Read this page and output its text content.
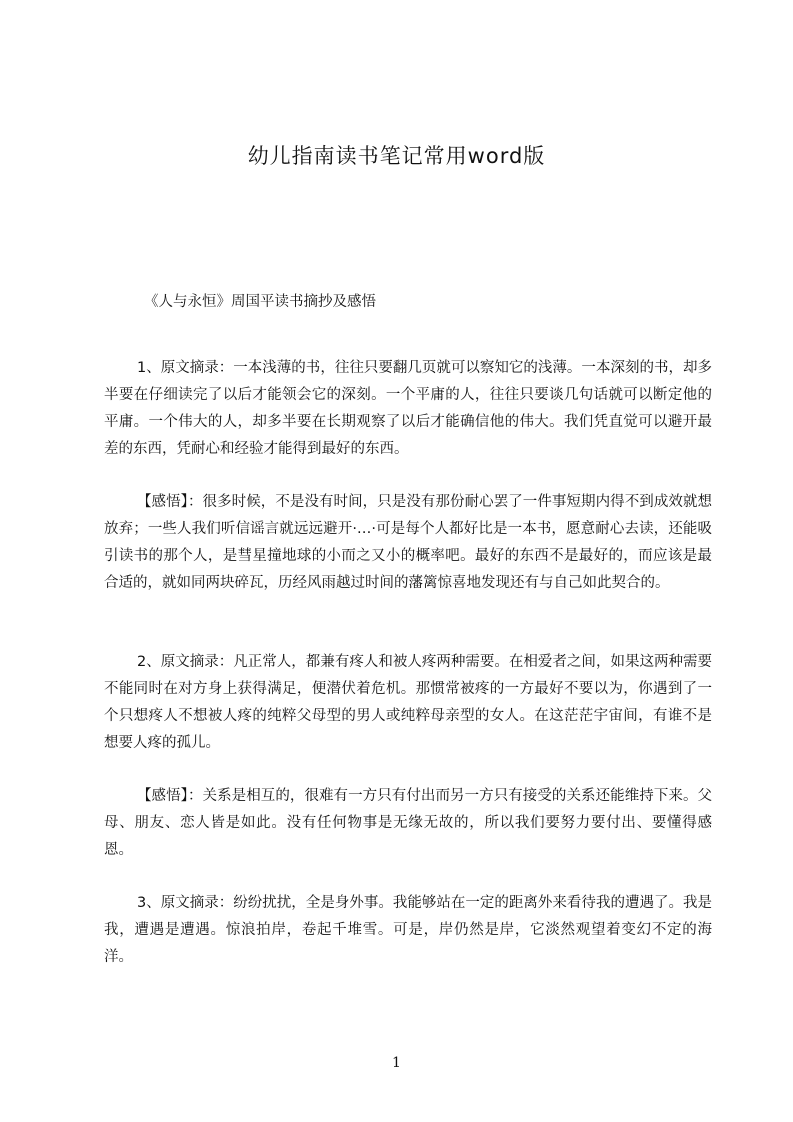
幼儿指南读书笔记常用word版
《人与永恒》周国平读书摘抄及感悟

1、原文摘录：一本浅薄的书，往往只要翻几页就可以察知它的浅薄。一本深刻的书，却多半要在仔细读完了以后才能领会它的深刻。一个平庸的人，往往只要谈几句话就可以断定他的平庸。一个伟大的人，却多半要在长期观察了以后才能确信他的伟大。我们凭直觉可以避开最差的东西，凭耐心和经验才能得到最好的东西。

【感悟】：很多时候，不是没有时间，只是没有那份耐心罢了一件事短期内得不到成效就想放弃；一些人我们听信谣言就远远避开·…·可是每个人都好比是一本书，愿意耐心去读，还能吸引读书的那个人，是彗星撞地球的小而之又小的概率吧。最好的东西不是最好的，而应该是最合适的，就如同两块碎瓦，历经风雨越过时间的藩篱惊喜地发现还有与自己如此契合的。

2、原文摘录：凡正常人，都兼有疼人和被人疼两种需要。在相爱者之间，如果这两种需要不能同时在对方身上获得满足，便潜伏着危机。那惯常被疼的一方最好不要以为，你遇到了一个只想疼人不想被人疼的纯粹父母型的男人或纯粹母亲型的女人。在这茫茫宇宙间，有谁不是想要人疼的孤儿。

【感悟】：关系是相互的，很难有一方只有付出而另一方只有接受的关系还能维持下来。父母、朋友、恋人皆是如此。没有任何物事是无缘无故的，所以我们要努力要付出、要懂得感恩。

3、原文摘录：纷纷扰扰，全是身外事。我能够站在一定的距离外来看待我的遭遇了。我是我，遭遇是遭遇。惊浪拍岸，卷起千堆雪。可是，岸仍然是岸，它淡然观望着变幻不定的海洋。

1
